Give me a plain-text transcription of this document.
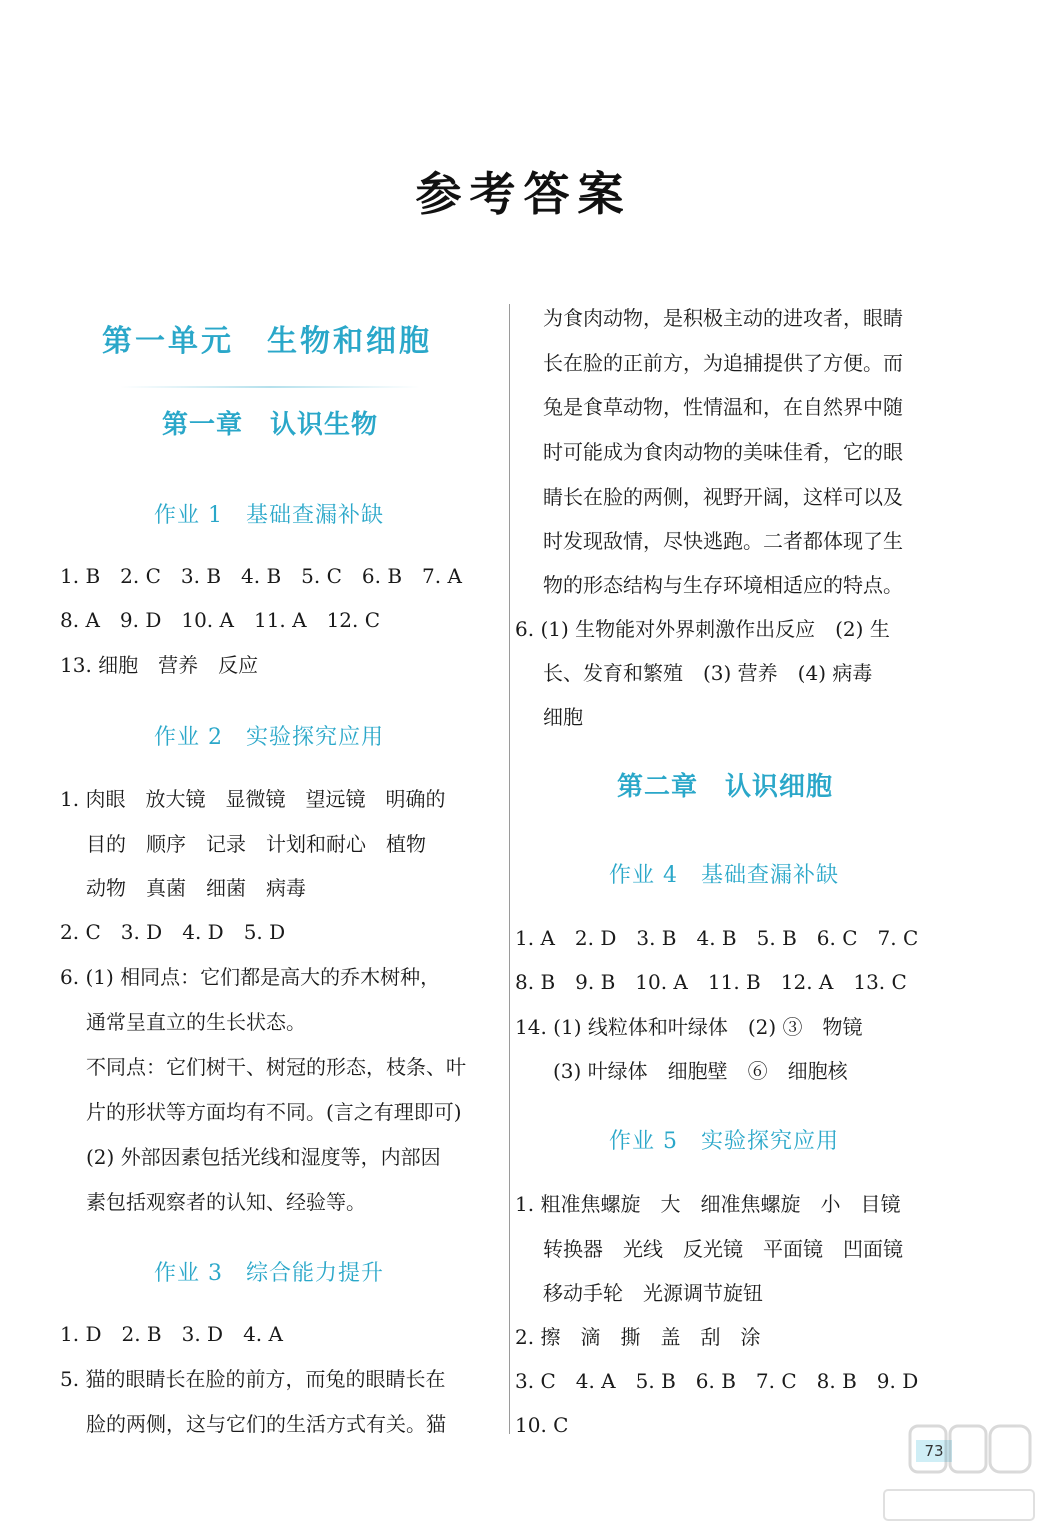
参考答案
第一单元　生物和细胞
第一章　认识生物
作业 1　基础查漏补缺
1. B　2. C　3. B　4. B　5. C　6. B　7. A
8. A　9. D　10. A　11. A　12. C
13. 细胞　营养　反应
作业 2　实验探究应用
1. 肉眼　放大镜　显微镜　望远镜　明确的
目的　顺序　记录　计划和耐心　植物
动物　真菌　细菌　病毒
2. C　3. D　4. D　5. D
6. (1) 相同点：它们都是高大的乔木树种，
通常呈直立的生长状态。
不同点：它们树干、树冠的形态，枝条、叶
片的形状等方面均有不同。(言之有理即可)
(2) 外部因素包括光线和湿度等，内部因
素包括观察者的认知、经验等。
作业 3　综合能力提升
1. D　2. B　3. D　4. A
5. 猫的眼睛长在脸的前方，而兔的眼睛长在
脸的两侧，这与它们的生活方式有关。猫
为食肉动物，是积极主动的进攻者，眼睛
长在脸的正前方，为追捕提供了方便。而
兔是食草动物，性情温和，在自然界中随
时可能成为食肉动物的美味佳肴，它的眼
睛长在脸的两侧，视野开阔，这样可以及
时发现敌情，尽快逃跑。二者都体现了生
物的形态结构与生存环境相适应的特点。
6. (1) 生物能对外界刺激作出反应　(2) 生
长、发育和繁殖　(3) 营养　(4) 病毒
细胞
第二章　认识细胞
作业 4　基础查漏补缺
1. A　2. D　3. B　4. B　5. B　6. C　7. C
8. B　9. B　10. A　11. B　12. A　13. C
14. (1) 线粒体和叶绿体　(2) ③　物镜
(3) 叶绿体　细胞壁　⑥　细胞核
作业 5　实验探究应用
1. 粗准焦螺旋　大　细准焦螺旋　小　目镜
转换器　光线　反光镜　平面镜　凹面镜
移动手轮　光源调节旋钮
2. 擦　滴　撕　盖　刮　涂
3. C　4. A　5. B　6. B　7. C　8. B　9. D
10. C
73
